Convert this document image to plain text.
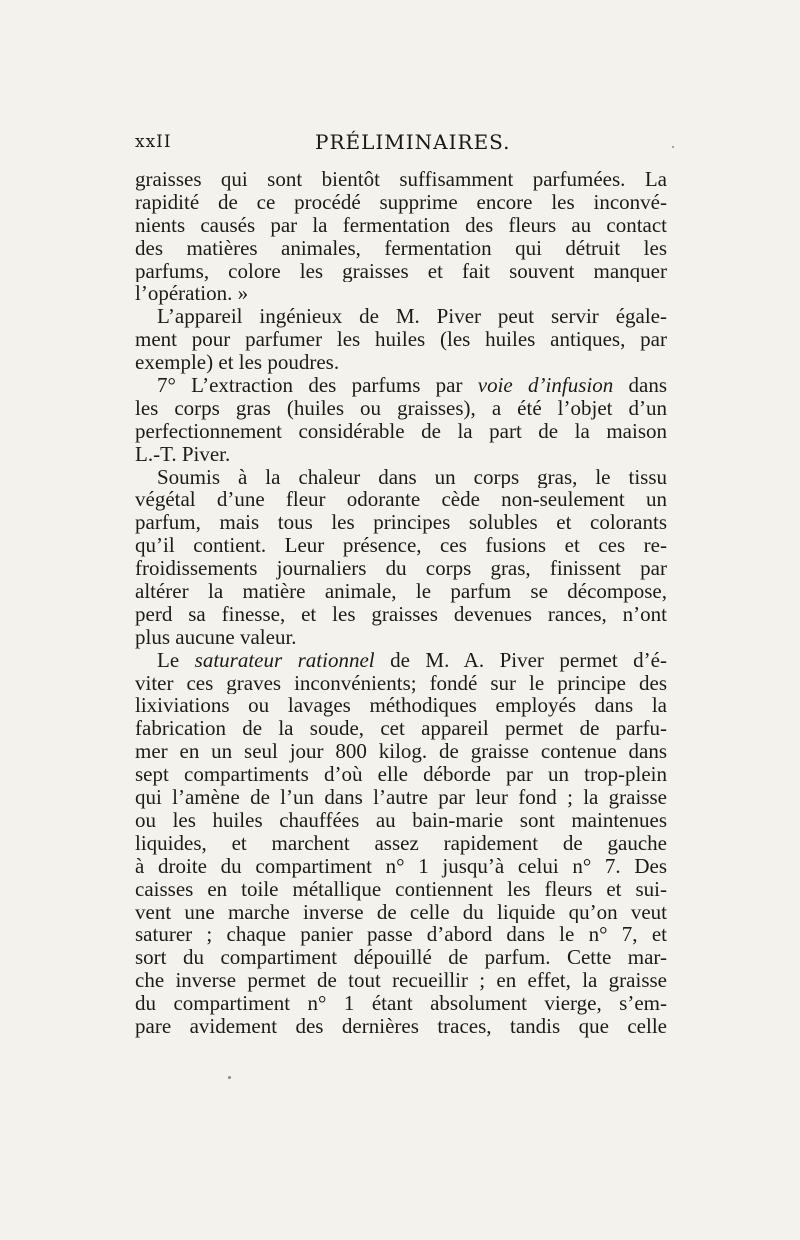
xxII	PRÉLIMINAIRES.
graisses qui sont bientôt suffisamment parfumées. La
rapidité de ce procédé supprime encore les inconvé-
nients causés par la fermentation des fleurs au contact
des matières animales, fermentation qui détruit les
parfums, colore les graisses et fait souvent manquer
l’opération. »
L’appareil ingénieux de M. Piver peut servir égale-
ment pour parfumer les huiles (les huiles antiques, par
exemple) et les poudres.
7° L’extraction des parfums par voie d’infusion dans
les corps gras (huiles ou graisses), a été l’objet d’un
perfectionnement considérable de la part de la maison
L.-T. Piver.
Soumis à la chaleur dans un corps gras, le tissu
végétal d’une fleur odorante cède non-seulement un
parfum, mais tous les principes solubles et colorants
qu’il contient. Leur présence, ces fusions et ces re-
froidissements journaliers du corps gras, finissent par
altérer la matière animale, le parfum se décompose,
perd sa finesse, et les graisses devenues rances, n’ont
plus aucune valeur.
Le saturateur rationnel de M. A. Piver permet d’é-
viter ces graves inconvénients; fondé sur le principe des
lixiviations ou lavages méthodiques employés dans la
fabrication de la soude, cet appareil permet de parfu-
mer en un seul jour 800 kilog. de graisse contenue dans
sept compartiments d’où elle déborde par un trop-plein
qui l’amène de l’un dans l’autre par leur fond ; la graisse
ou les huiles chauffées au bain-marie sont maintenues
liquides, et marchent assez rapidement de gauche
à droite du compartiment n° 1 jusqu’à celui n° 7. Des
caisses en toile métallique contiennent les fleurs et sui-
vent une marche inverse de celle du liquide qu’on veut
saturer ; chaque panier passe d’abord dans le n° 7, et
sort du compartiment dépouillé de parfum. Cette mar-
che inverse permet de tout recueillir ; en effet, la graisse
du compartiment n° 1 étant absolument vierge, s’em-
pare avidement des dernières traces, tandis que celle
